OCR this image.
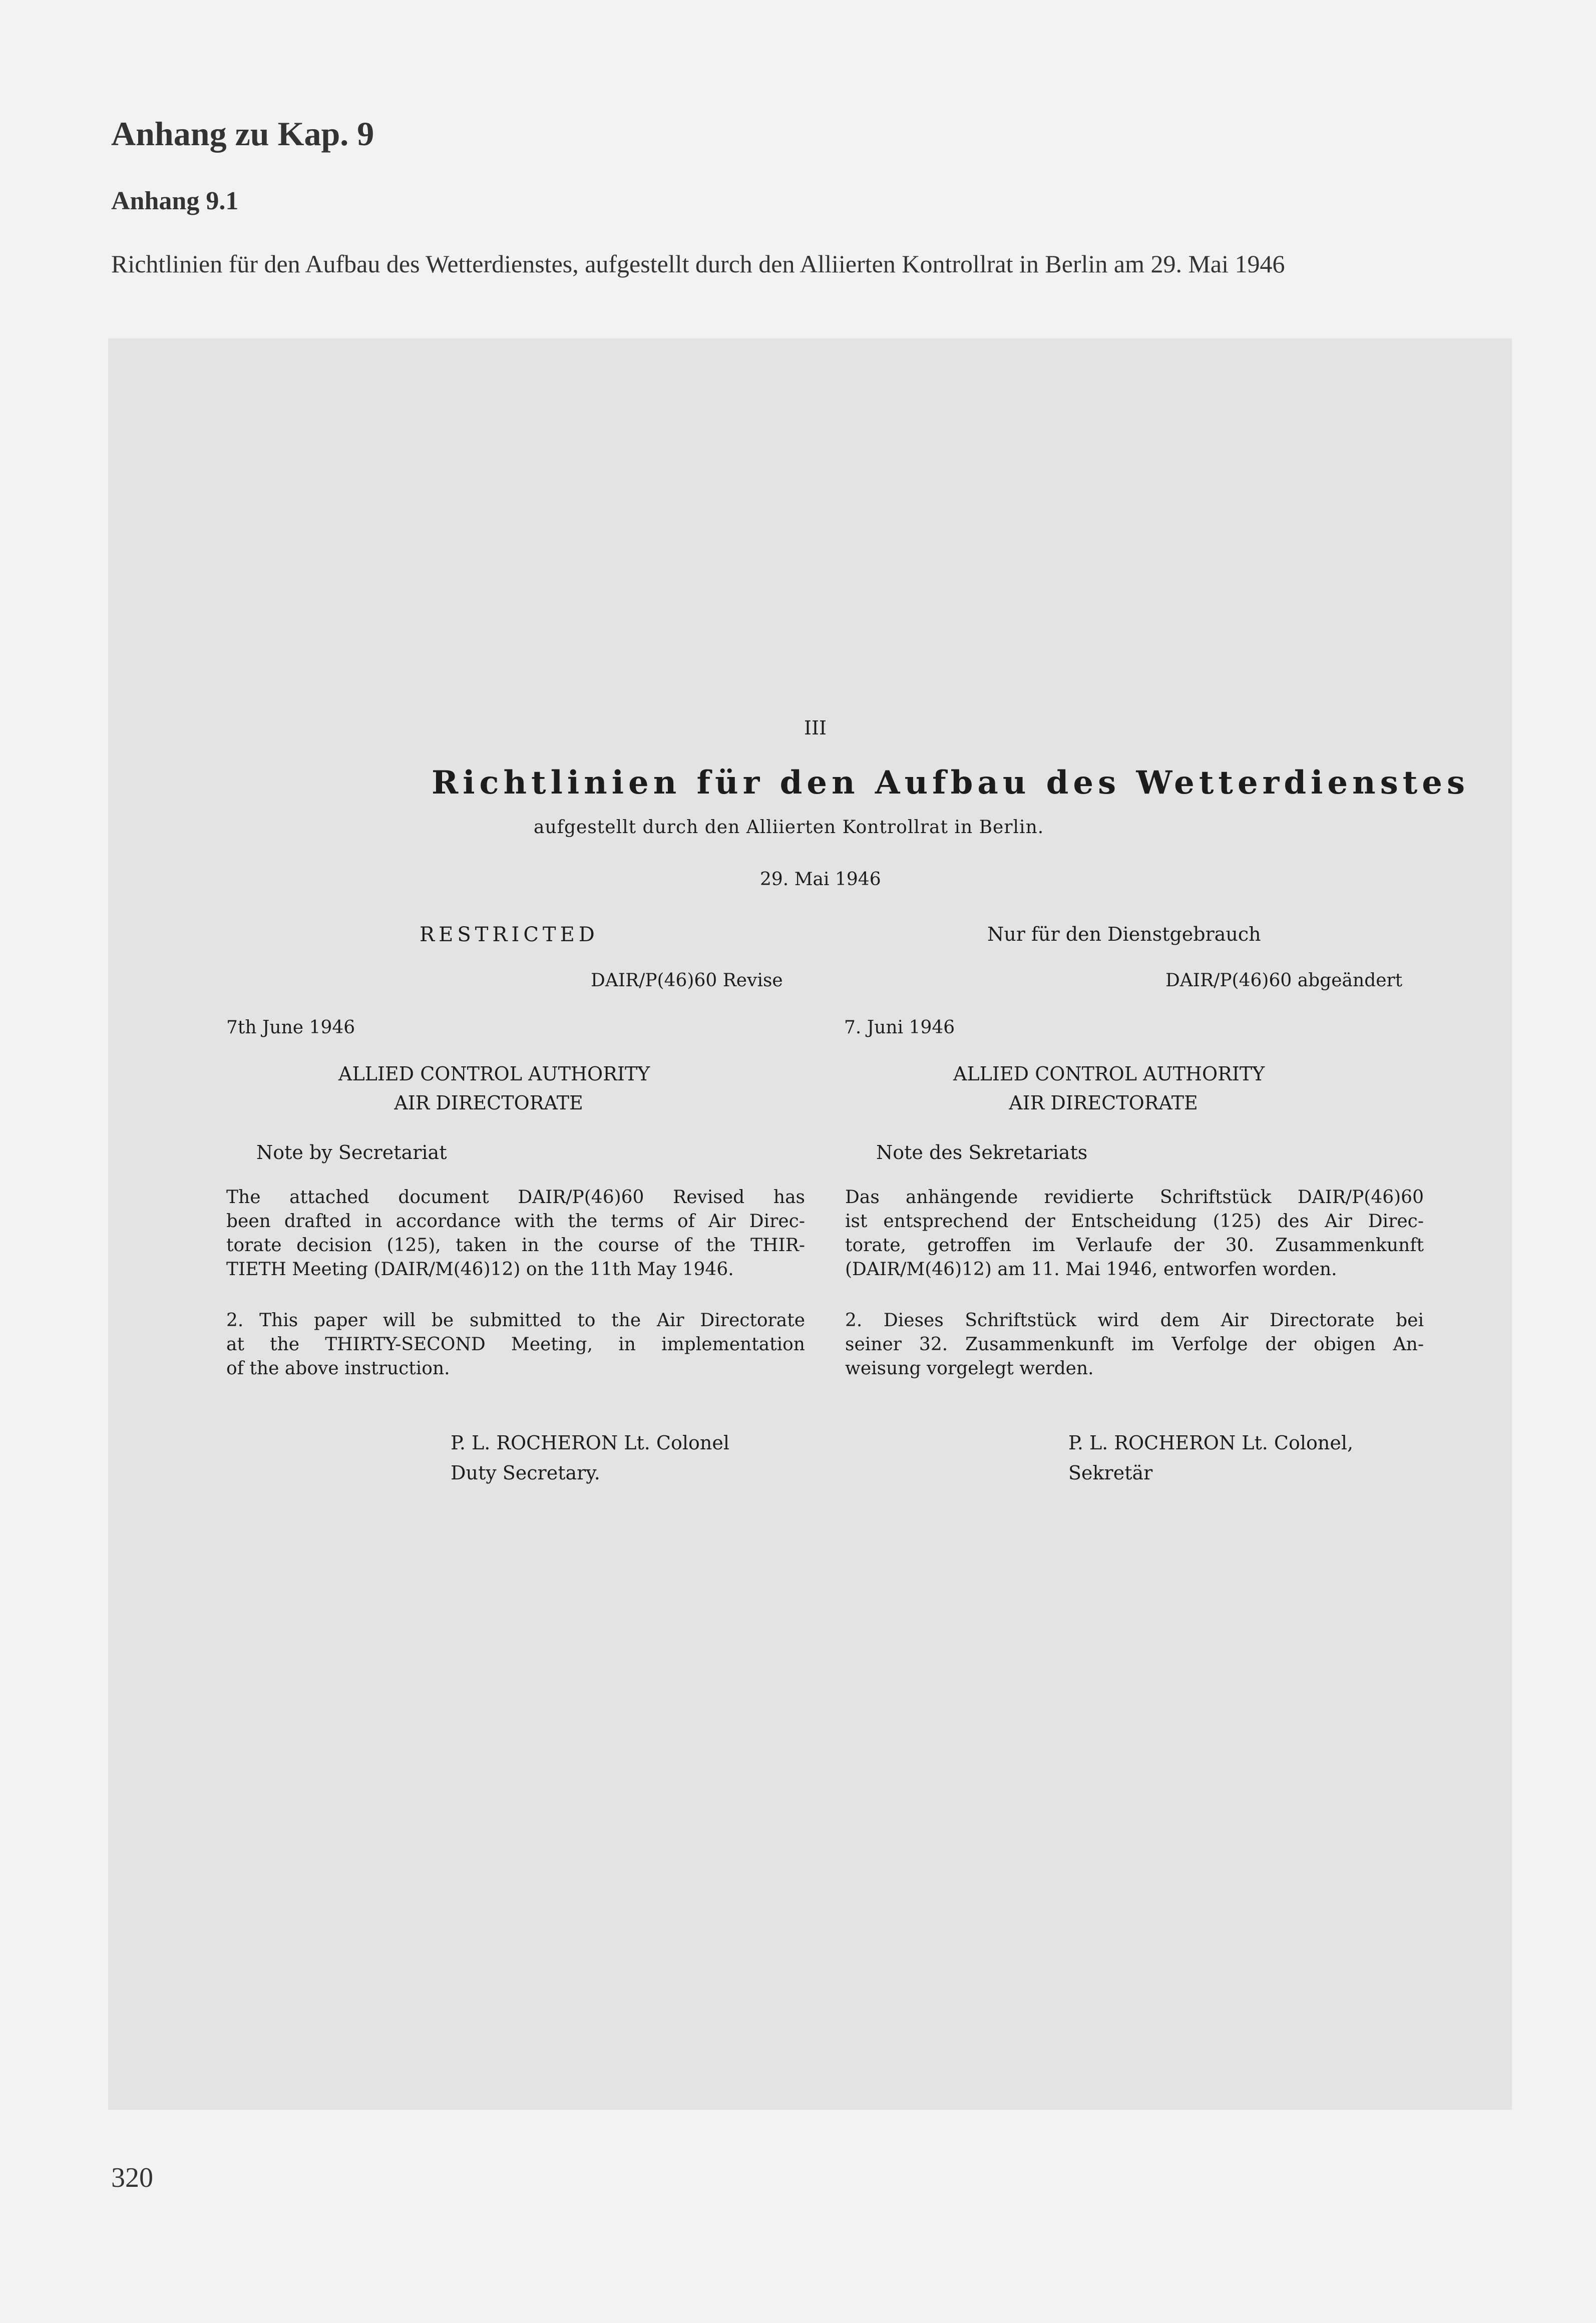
Anhang zu Kap. 9
Anhang 9.1
Richtlinien für den Aufbau des Wetterdienstes, aufgestellt durch den Alliierten Kontrollrat in Berlin am 29. Mai 1946
III
Richtlinien für den Aufbau des Wetterdienstes
aufgestellt durch den Alliierten Kontrollrat in Berlin.
29. Mai 1946
RESTRICTED	Nur für den Dienstgebrauch
DAIR/P(46)60 Revise	DAIR/P(46)60 abgeändert
7th June 1946	7. Juni 1946
ALLIED CONTROL AUTHORITY
AIR DIRECTORATE
ALLIED CONTROL AUTHORITY
AIR DIRECTORATE
Note by Secretariat	Note des Sekretariats
The attached document DAIR/P(46)60 Revised has
been drafted in accordance with the terms of Air Direc-
torate decision (125), taken in the course of the THIR-
TIETH Meeting (DAIR/M(46)12) on the 11th May 1946.
Das anhängende revidierte Schriftstück DAIR/P(46)60
ist entsprechend der Entscheidung (125) des Air Direc-
torate, getroffen im Verlaufe der 30. Zusammenkunft
(DAIR/M(46)12) am 11. Mai 1946, entworfen worden.
2. This paper will be submitted to the Air Directorate
at the THIRTY-SECOND Meeting, in implementation
of the above instruction.
2. Dieses Schriftstück wird dem Air Directorate bei
seiner 32. Zusammenkunft im Verfolge der obigen An-
weisung vorgelegt werden.
P. L. ROCHERON Lt. Colonel
Duty Secretary.
P. L. ROCHERON Lt. Colonel,
Sekretär
320
